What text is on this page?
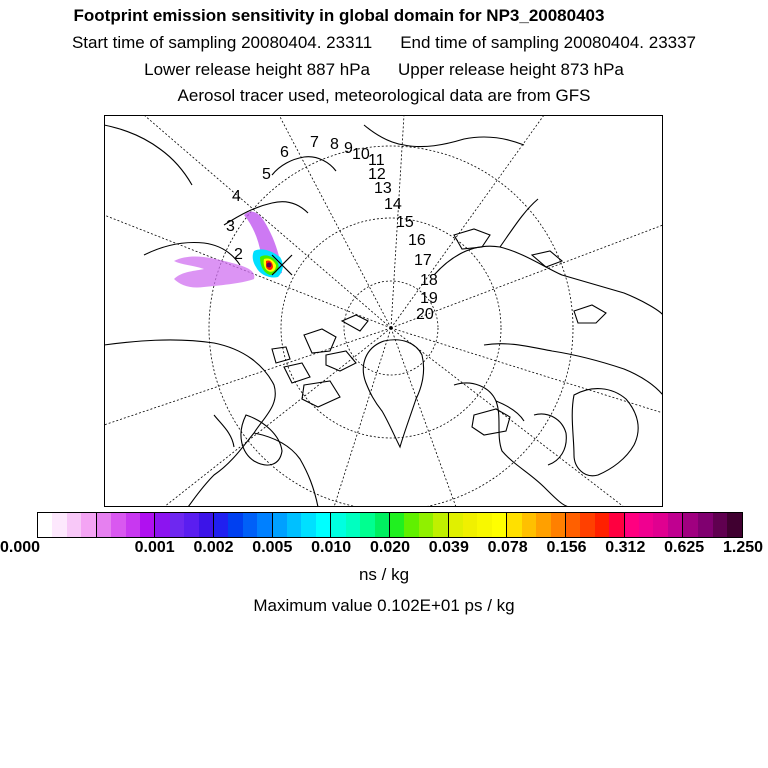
Footprint emission sensitivity in global domain for NP3_20080403
Start time of sampling 20080404. 23311 End time of sampling 20080404. 23337
Lower release height 887 hPa Upper release height 873 hPa
Aerosol tracer used, meteorological data are from GFS
2
3
4
5
6
7 8 9 10
11
12
13
14
15
16
17
18
19
20
0.000	0.001 0.002 0.005 0.010 0.020 0.039 0.078 0.156 0.312 0.625 1.250
ns / kg
Maximum value 0.102E+01 ps / kg
